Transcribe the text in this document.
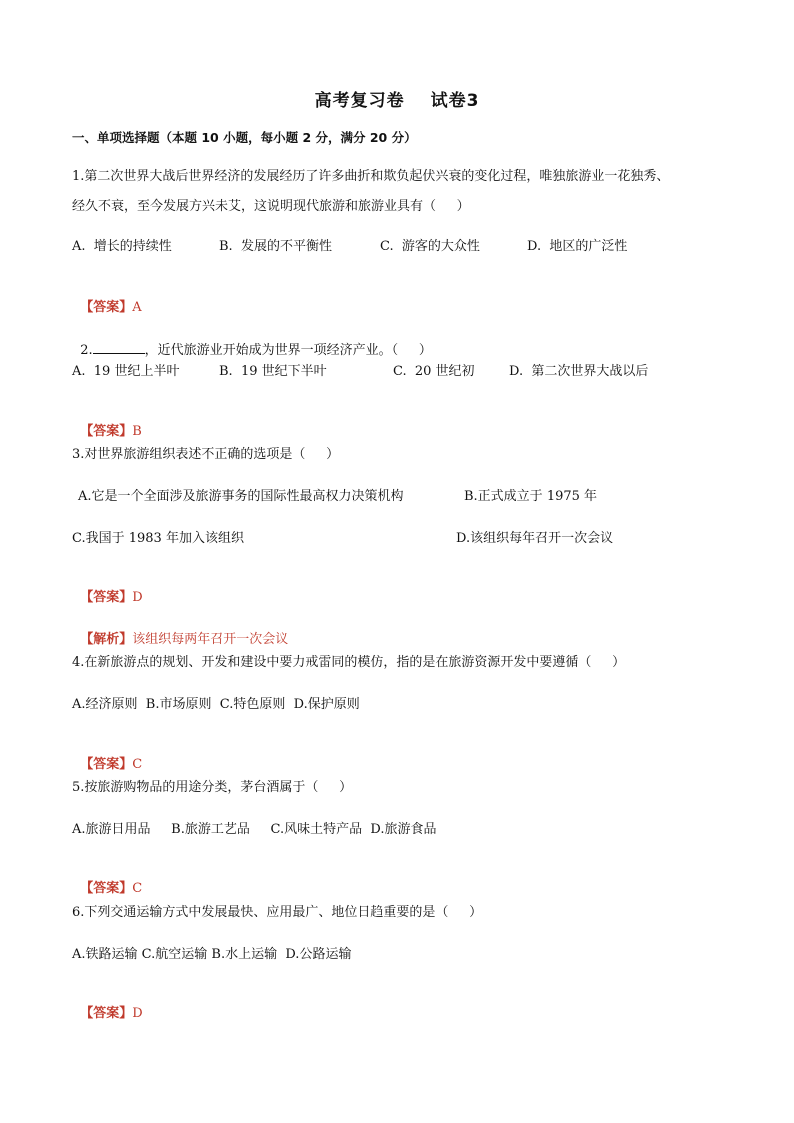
高考复习卷 试卷3
一、单项选择题（本题 10 小题，每小题 2 分，满分 20 分）
1.第二次世界大战后世界经济的发展经历了许多曲折和欺负起伏兴衰的变化过程，唯独旅游业一花独秀、
经久不衰，至今发展方兴未艾，这说明现代旅游和旅游业具有（     ）
A.  增长的持续性	B.  发展的不平衡性	C.  游客的大众性	D.  地区的广泛性

【答案】A

2.	，近代旅游业开始成为世界一项经济产业。（     ）

A.  19 世纪上半叶	B.  19 世纪下半叶	C.  20 世纪初	D.  第二次世界大战以后

【答案】B

3.对世界旅游组织表述不正确的选项是（     ）
A.它是一个全面涉及旅游事务的国际性最高权力决策机构	B.正式成立于 1975 年
C.我国于 1983 年加入该组织	D.该组织每年召开一次会议

【答案】D

【解析】该组织每两年召开一次会议

4.在新旅游点的规划、开发和建设中要力戒雷同的模仿，指的是在旅游资源开发中要遵循（     ）
A.经济原则  B.市场原则  C.特色原则  D.保护原则

【答案】C

5.按旅游购物品的用途分类，茅台酒属于（     ）
A.旅游日用品     B.旅游工艺品     C.风味土特产品  D.旅游食品

【答案】C

6.下列交通运输方式中发展最快、应用最广、地位日趋重要的是（     ）
A.铁路运输 C.航空运输 B.水上运输  D.公路运输

【答案】D
